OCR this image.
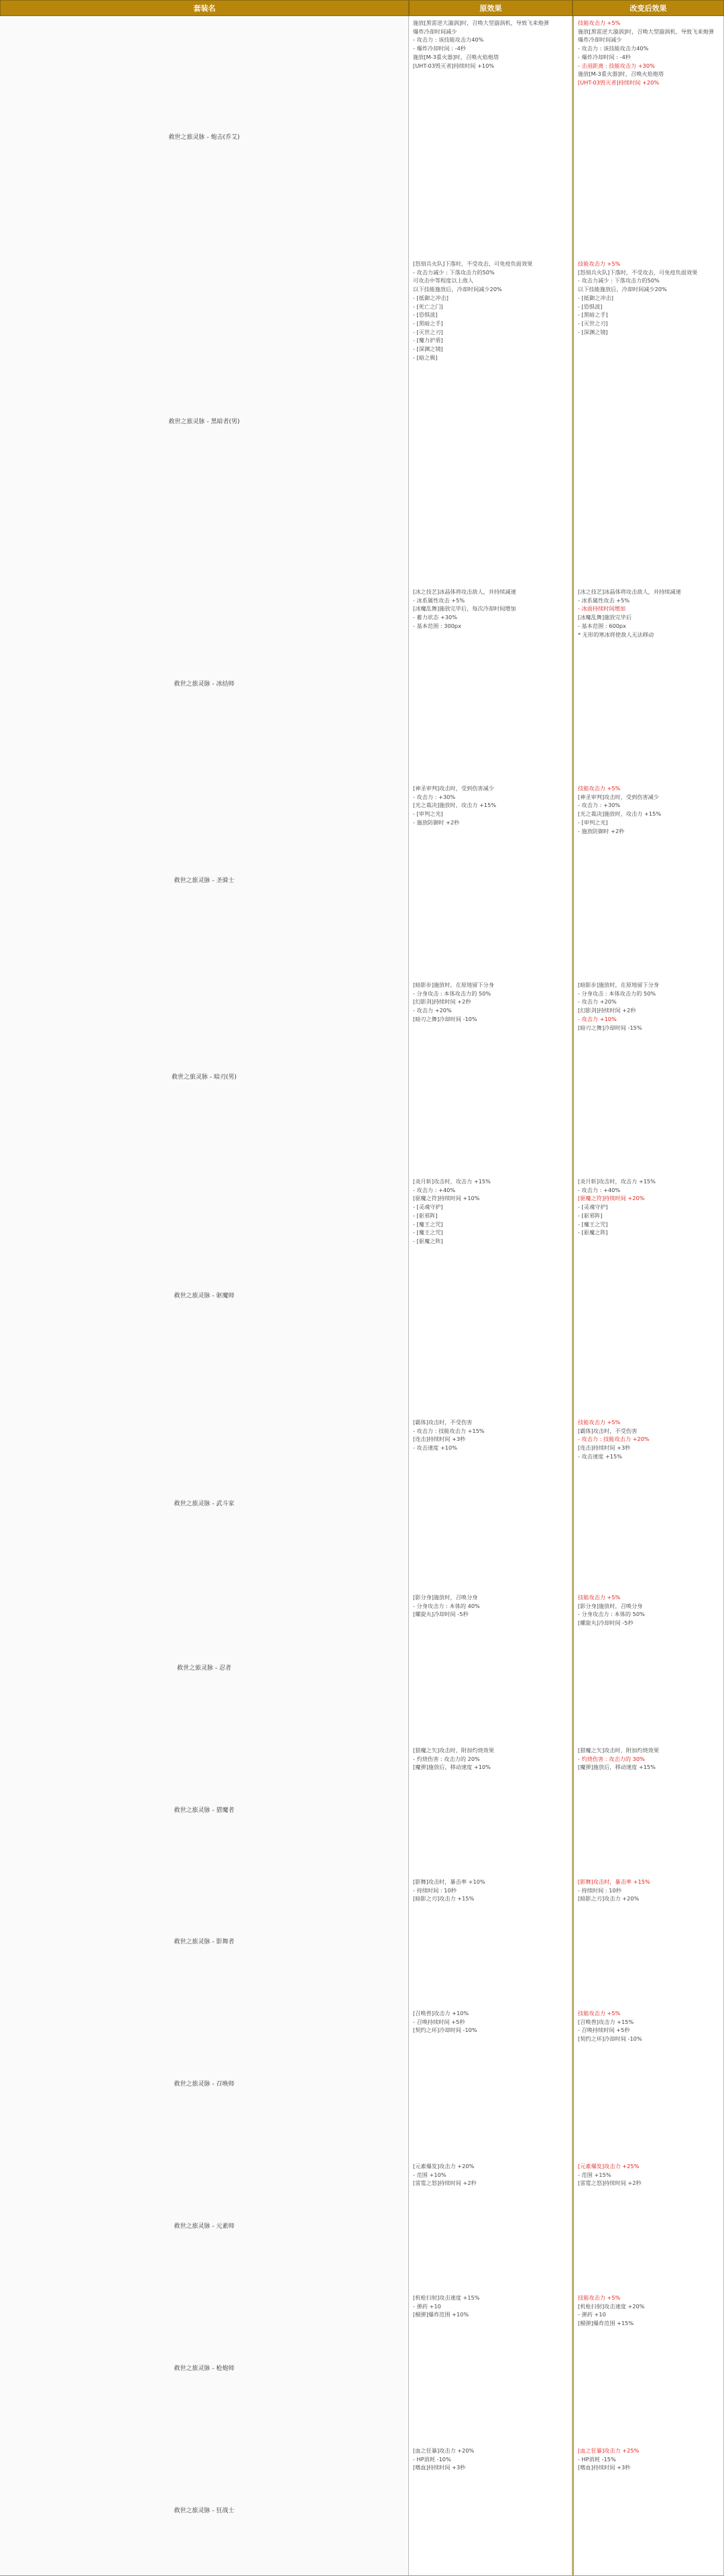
套装名	原效果	改变后效果
救世之旅灵脉 - 炮击(乔艾)
施放[黑雷逆大漩涡]时，召唤大型漩涡机，导致飞来炮弹
爆炸冷却时间减少
- 攻击力 : 该技能攻击力40%
- 爆炸冷却时间 : -4秒
施放[M-3重火器]时，召唤火焰炮塔
[UHT-03毁灭者]持续时间 +10%
技能攻击力 +5%
施放[黑雷逆大漩涡]时，召唤大型漩涡机，导致飞来炮弹
爆炸冷却时间减少
- 攻击力 : 该技能攻击力40%
- 爆炸冷却时间 : -4秒
- 击退距离 : 技能攻击力 +30%
施放[M-3重火器]时，召唤火焰炮塔
[UHT-03毁灭者]持续时间 +20%
救世之旅灵脉 - 黑暗者(男)
[怒刻兵火队]下落时，不受攻击，可免疫负面效果
- 攻击力减少 : 下落攻击力的50%
可攻击中等程度以上敌人
以下技能施放后，冷却时间减少20%
- [抵御之冲击]
- [死亡之门]
- [恐惧波]
- [黑暗之手]
- [灭世之刃]
- [魔力护盾]
- [深渊之镜]
- [暗之极]
技能攻击力 +5%
[怒刻兵火队]下落时，不受攻击，可免疫负面效果
- 攻击力减少 : 下落攻击力的50%
以下技能施放后，冷却时间减少20%
- [抵御之冲击]
- [恐惧波]
- [黑暗之手]
- [灭世之刃]
- [深渊之镜]
救世之旅灵脉 - 冰结师
[冰之技艺]冰晶体将攻击敌人，并持续减速
- 冰系属性攻击 +5%
[冰魔乱舞]施放完毕后，每次冷却时间增加
- 蓄力状态 +30%
- 基本范围 : 300px
[冰之技艺]冰晶体将攻击敌人，并持续减速
- 冰系属性攻击 +5%
- 冰面持续时间增加
[冰魔乱舞]施放完毕后
- 基本范围 : 600px
* 无形的寒冰将使敌人无法移动
救世之旅灵脉 - 圣骑士
[神圣审判]攻击时，受到伤害减少
- 攻击力 : +30%
[光之裁决]施放时，攻击力 +15%
- [审判之光]
- 施放防御时 +2秒
技能攻击力 +5%
[神圣审判]攻击时，受到伤害减少
- 攻击力 : +30%
[光之裁决]施放时，攻击力 +15%
- [审判之光]
- 施放防御时 +2秒
救世之旅灵脉 - 暗刃(男)
[暗影步]施放时，在原地留下分身
- 分身攻击 : 本体攻击力的 50%
[幻影剑]持续时间 +2秒
- 攻击力 +20%
[暗刃之舞]冷却时间 -10%
[暗影步]施放时，在原地留下分身
- 分身攻击 : 本体攻击力的 50%
- 攻击力 +20%
[幻影剑]持续时间 +2秒
- 攻击力 +10%
[暗刃之舞]冷却时间 -15%
救世之旅灵脉 - 驱魔师
[炎月斩]攻击时，攻击力 +15%
- 攻击力 : +40%
[驱魔之符]持续时间 +10%
- [灵魂守护]
- [驱邪阵]
- [魔王之咒]
- [魔王之咒]
- [驱魔之阵]
[炎月斩]攻击时，攻击力 +15%
- 攻击力 : +40%
[驱魔之符]持续时间 +20%
- [灵魂守护]
- [驱邪阵]
- [魔王之咒]
- [驱魔之阵]
救世之旅灵脉 - 武斗家
[霸体]攻击时，不受伤害
- 攻击力 : 技能攻击力 +15%
[连击]持续时间 +3秒
- 攻击速度 +10%
技能攻击力 +5%
[霸体]攻击时，不受伤害
- 攻击力 : 技能攻击力 +20%
[连击]持续时间 +3秒
- 攻击速度 +15%
救世之旅灵脉 - 忍者
[影分身]施放时，召唤分身
- 分身攻击力 : 本体的 40%
[螺旋丸]冷却时间 -5秒
技能攻击力 +5%
[影分身]施放时，召唤分身
- 分身攻击力 : 本体的 50%
[螺旋丸]冷却时间 -5秒
救世之旅灵脉 - 猎魔者
[猎魔之矢]攻击时，附加灼烧效果
- 灼烧伤害 : 攻击力的 20%
[魔弹]施放后，移动速度 +10%
[猎魔之矢]攻击时，附加灼烧效果
- 灼烧伤害 : 攻击力的 30%
[魔弹]施放后，移动速度 +15%
救世之旅灵脉 - 影舞者
[影舞]攻击时，暴击率 +10%
- 持续时间 : 10秒
[暗影之刃]攻击力 +15%
[影舞]攻击时，暴击率 +15%
- 持续时间 : 10秒
[暗影之刃]攻击力 +20%
救世之旅灵脉 - 召唤师
[召唤兽]攻击力 +10%
- 召唤持续时间 +5秒
[契约之环]冷却时间 -10%
技能攻击力 +5%
[召唤兽]攻击力 +15%
- 召唤持续时间 +5秒
[契约之环]冷却时间 -10%
救世之旅灵脉 - 元素师
[元素爆发]攻击力 +20%
- 范围 +10%
[雷霆之怒]持续时间 +2秒
[元素爆发]攻击力 +25%
- 范围 +15%
[雷霆之怒]持续时间 +2秒
救世之旅灵脉 - 枪炮师
[机枪扫射]攻击速度 +15%
- 弹药 +10
[榴弹]爆炸范围 +10%
技能攻击力 +5%
[机枪扫射]攻击速度 +20%
- 弹药 +10
[榴弹]爆炸范围 +15%
救世之旅灵脉 - 狂战士
[血之狂暴]攻击力 +20%
- HP消耗 -10%
[嗜血]持续时间 +3秒
[血之狂暴]攻击力 +25%
- HP消耗 -15%
[嗜血]持续时间 +3秒
